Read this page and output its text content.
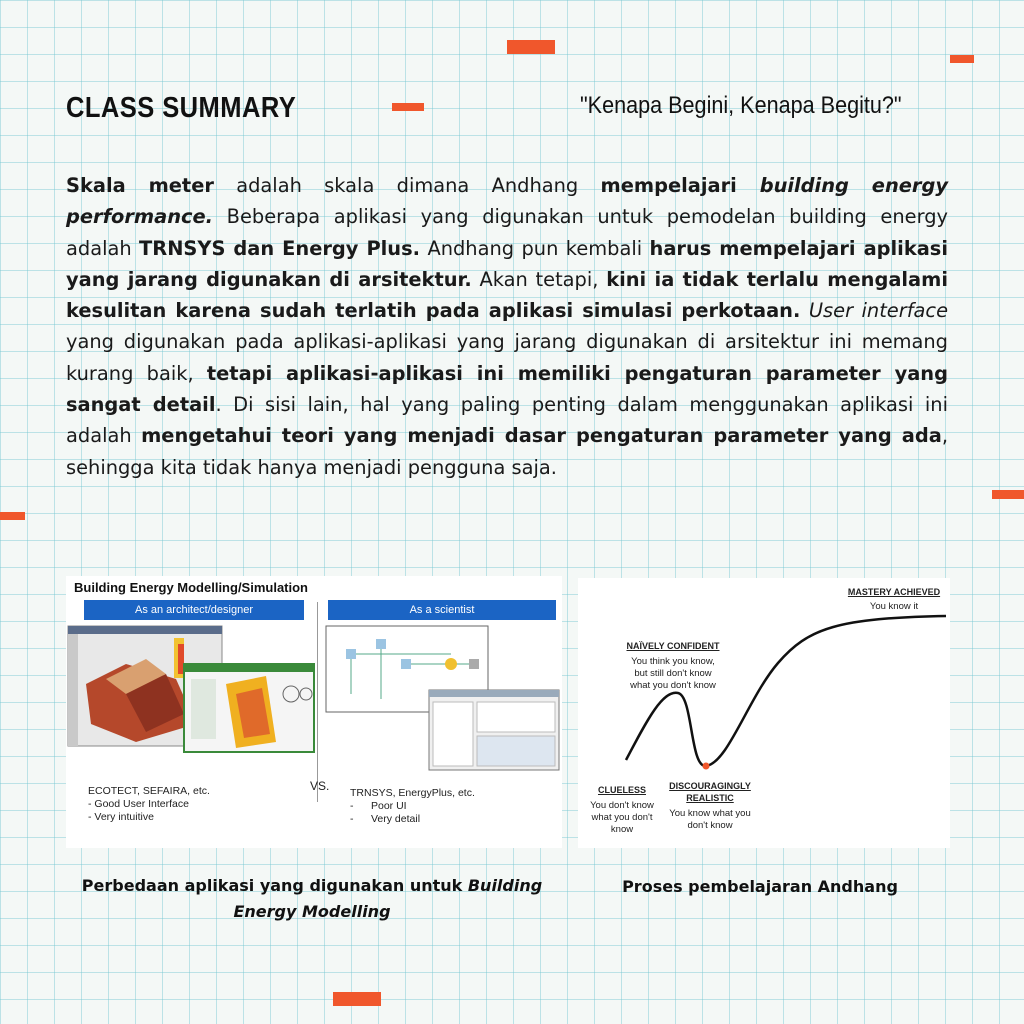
CLASS SUMMARY	"Kenapa Begini, Kenapa Begitu?"
Skala meter adalah skala dimana Andhang mempelajari building energy performance. Beberapa aplikasi yang digunakan untuk pemodelan building energy adalah TRNSYS dan Energy Plus. Andhang pun kembali harus mempelajari aplikasi yang jarang digunakan di arsitektur. Akan tetapi, kini ia tidak terlalu mengalami kesulitan karena sudah terlatih pada aplikasi simulasi perkotaan. User interface yang digunakan pada aplikasi-aplikasi yang jarang digunakan di arsitektur ini memang kurang baik, tetapi aplikasi-aplikasi ini memiliki pengaturan parameter yang sangat detail. Di sisi lain, hal yang paling penting dalam menggunakan aplikasi ini adalah mengetahui teori yang menjadi dasar pengaturan parameter yang ada, sehingga kita tidak hanya menjadi pengguna saja.
Building Energy Modelling/Simulation
As an architect/designer	As a scientist
VS.
ECOTECT, SEFAIRA, etc.
- Good User Interface
- Very intuitive
TRNSYS, EnergyPlus, etc.
-      Poor UI
-      Very detail
MASTERY ACHIEVED
You know it
NAÏVELY CONFIDENT
You think you know,
but still don't know
what you don't know
CLUELESS
You don't know
what you don't
know
DISCOURAGINGLY
REALISTIC
You know what you
don't know
Perbedaan aplikasi yang digunakan untuk Building Energy Modelling
Proses pembelajaran Andhang
